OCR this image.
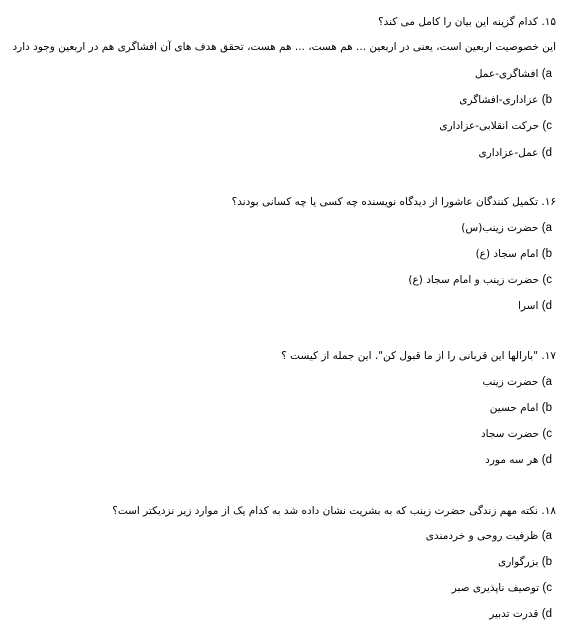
۱۵. کدام گزینه این بیان را کامل می کند؟
این خصوصیت اربعین است، یعنی در اربعین ... هم هست، ... هم هست، تحقق هدف های آن افشاگری هم در اربعین وجود دارد
a) افشاگری-عمل
b) عزاداری-افشاگری
c) حرکت انقلابی-عزاداری
d) عمل-عزاداری
۱۶. تکمیل کنندگان عاشورا از دیدگاه نویسنده چه کسی یا چه کسانی بودند؟
a) حضرت زینب(س)
b) امام سجاد (ع)
c) حضرت زینب و امام سجاد (ع)
d) اسرا
۱۷. "بارالها این قربانی را از ما قبول کن". این جمله از کیست ؟
a) حضرت زینب
b) امام حسین
c) حضرت سجاد
d) هر سه مورد
۱۸. نکته مهم زندگی حضرت زینب که به بشریت نشان داده شد به کدام یک از موارد زیر نزدیکتر است؟
a) ظرفیت روحی و خردمندی
b) بزرگواری
c) توصیف ناپذیری صبر
d) قدرت تدبیر
